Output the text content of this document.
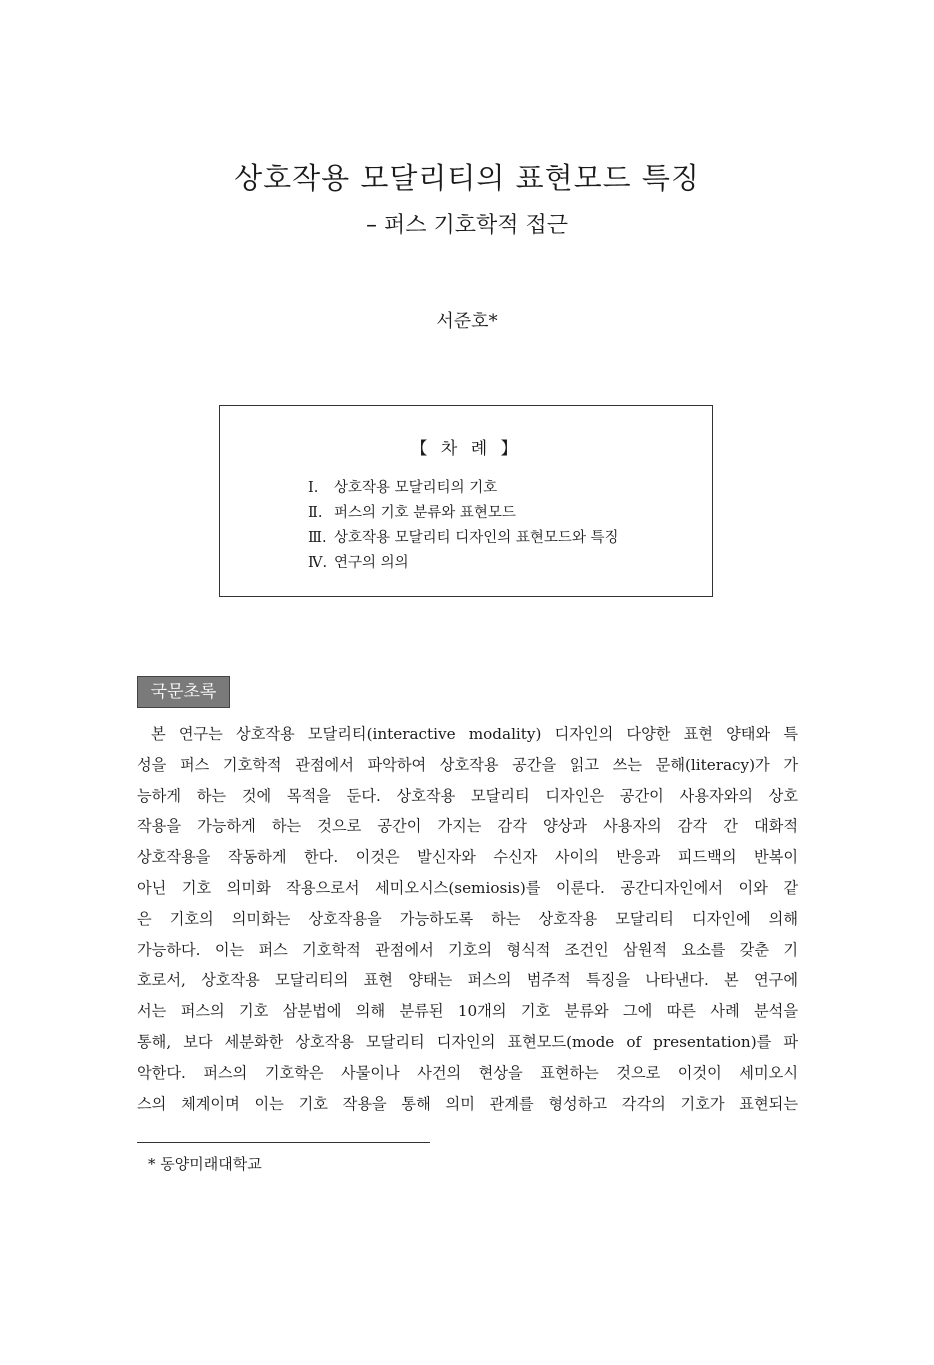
상호작용 모달리티의 표현모드 특징
– 퍼스 기호학적 접근
서준호*
【 차 례 】
Ⅰ. 상호작용 모달리티의 기호
Ⅱ. 퍼스의 기호 분류와 표현모드
Ⅲ. 상호작용 모달리티 디자인의 표현모드와 특징
Ⅳ. 연구의 의의
국문초록
본 연구는 상호작용 모달리티(interactive modality) 디자인의 다양한 표현 양태와 특
성을 퍼스 기호학적 관점에서 파악하여 상호작용 공간을 읽고 쓰는 문해(literacy)가 가
능하게 하는 것에 목적을 둔다. 상호작용 모달리티 디자인은 공간이 사용자와의 상호
작용을 가능하게 하는 것으로 공간이 가지는 감각 양상과 사용자의 감각 간 대화적
상호작용을 작동하게 한다. 이것은 발신자와 수신자 사이의 반응과 피드백의 반복이
아닌 기호 의미화 작용으로서 세미오시스(semiosis)를 이룬다. 공간디자인에서 이와 같
은 기호의 의미화는 상호작용을 가능하도록 하는 상호작용 모달리티 디자인에 의해
가능하다. 이는 퍼스 기호학적 관점에서 기호의 형식적 조건인 삼원적 요소를 갖춘 기
호로서, 상호작용 모달리티의 표현 양태는 퍼스의 범주적 특징을 나타낸다. 본 연구에
서는 퍼스의 기호 삼분법에 의해 분류된 10개의 기호 분류와 그에 따른 사례 분석을
통해, 보다 세분화한 상호작용 모달리티 디자인의 표현모드(mode of presentation)를 파
악한다. 퍼스의 기호학은 사물이나 사건의 현상을 표현하는 것으로 이것이 세미오시
스의 체계이며 이는 기호 작용을 통해 의미 관계를 형성하고 각각의 기호가 표현되는
* 동양미래대학교
